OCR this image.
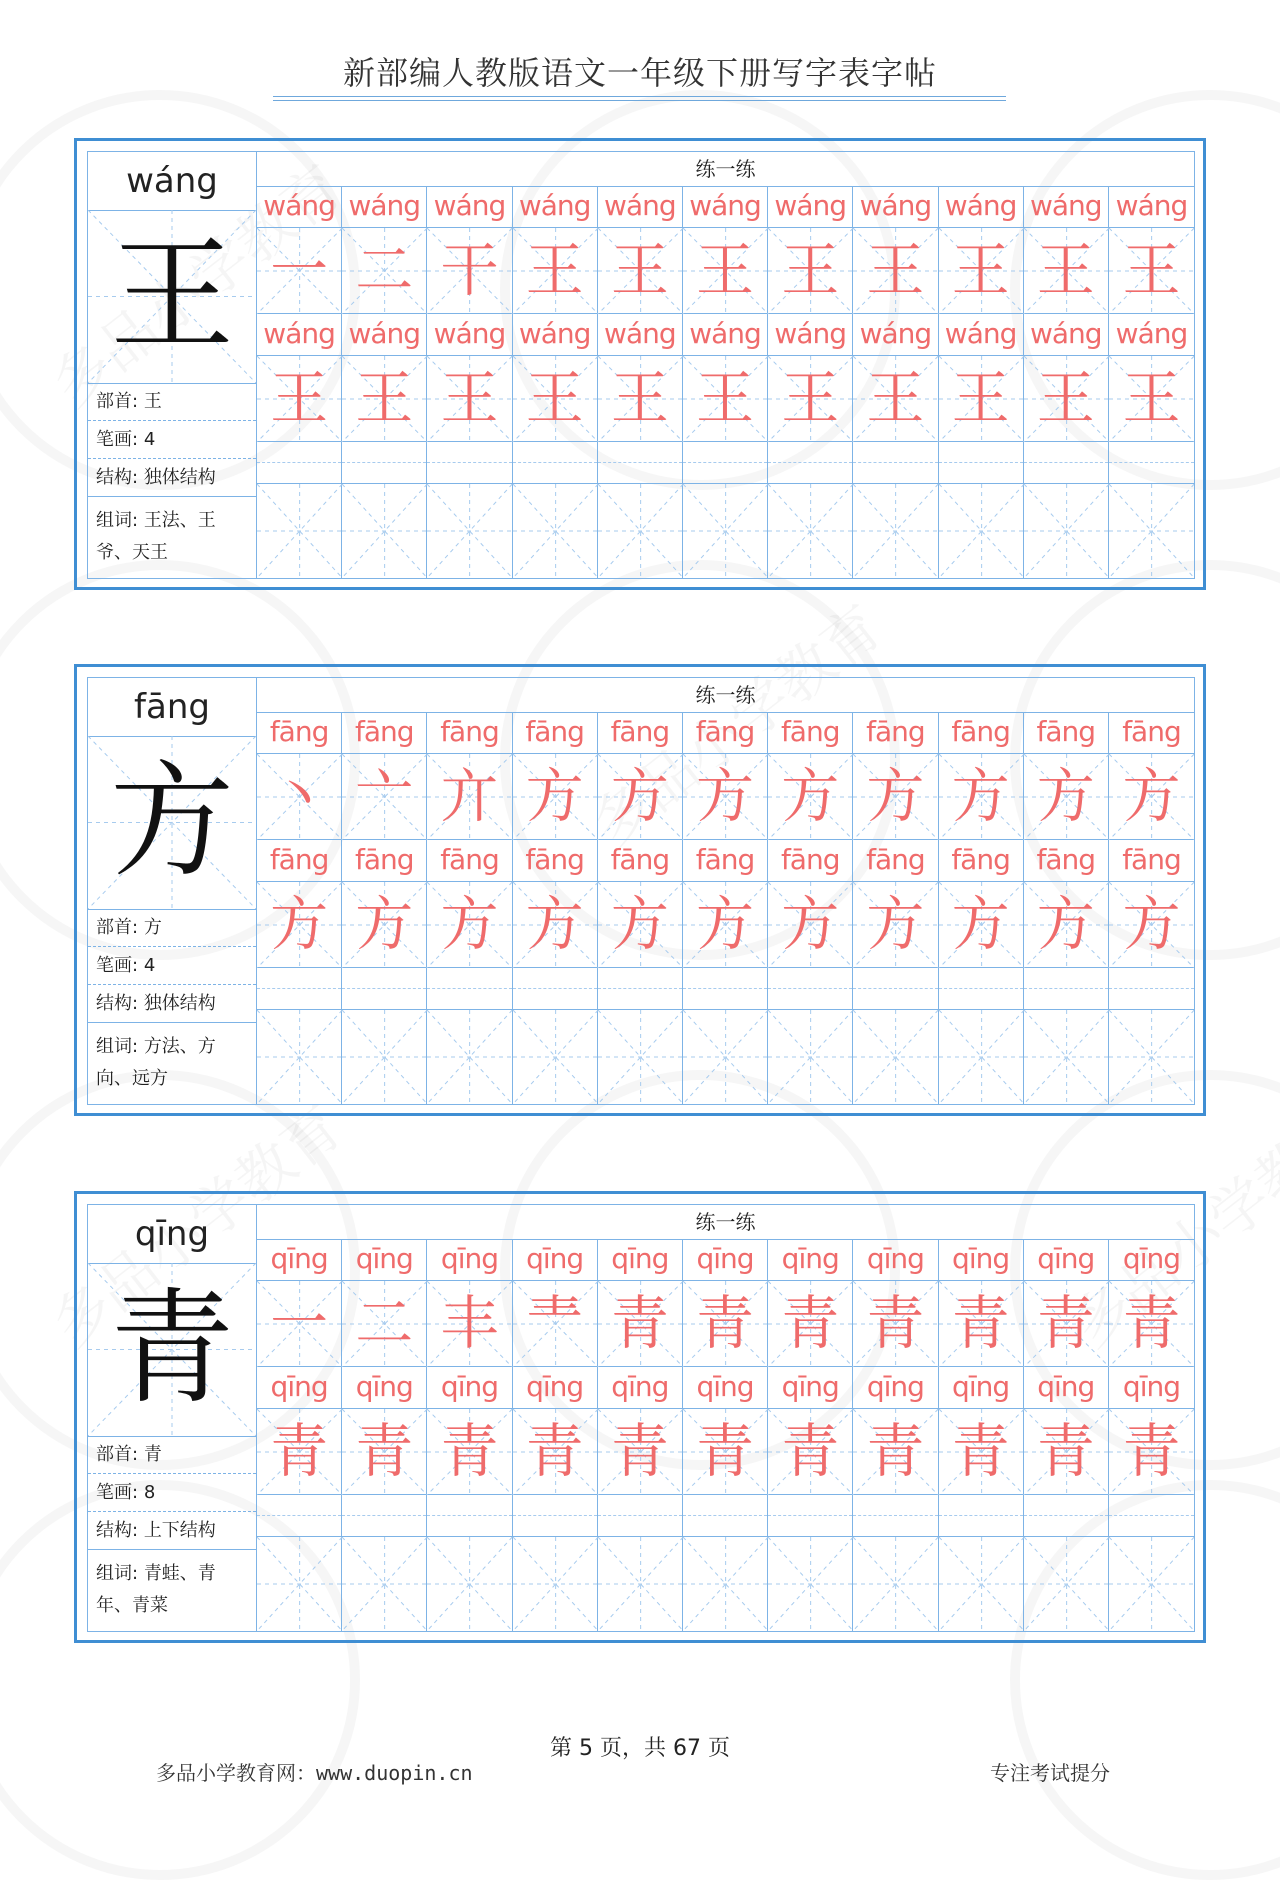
新部编人教版语文一年级下册写字表字帖
wáng
王
部首: 王
笔画: 4
结构: 独体结构
组词: 王法、王爷、天王
练一练
wáng wáng wáng wáng wáng wáng wáng wáng wáng wáng wáng
一 二 干 王 王 王 王 王 王 王 王
wáng wáng wáng wáng wáng wáng wáng wáng wáng wáng wáng
王 王 王 王 王 王 王 王 王 王 王
fāng
方
部首: 方
笔画: 4
结构: 独体结构
组词: 方法、方向、远方
练一练
fāng fāng fāng fāng fāng fāng fāng fāng fāng fāng fāng
丶 亠 亣 方 方 方 方 方 方 方 方
fāng fāng fāng fāng fāng fāng fāng fāng fāng fāng fāng
方 方 方 方 方 方 方 方 方 方 方
qīng
青
部首: 青
笔画: 8
结构: 上下结构
组词: 青蛙、青年、青菜
练一练
qīng	qīng	qīng	qīng	qīng	qīng	qīng	qīng	qīng	qīng	qīng
一 二 丰 龶 青 青 青 青 青 青 青
qīng	qīng	qīng	qīng	qīng	qīng	qīng	qīng	qīng	qīng	qīng
青 青 青 青 青 青 青 青 青 青 青
第 5 页，共 67 页
多品小学教育网：www.duopin.cn	专注考试提分
